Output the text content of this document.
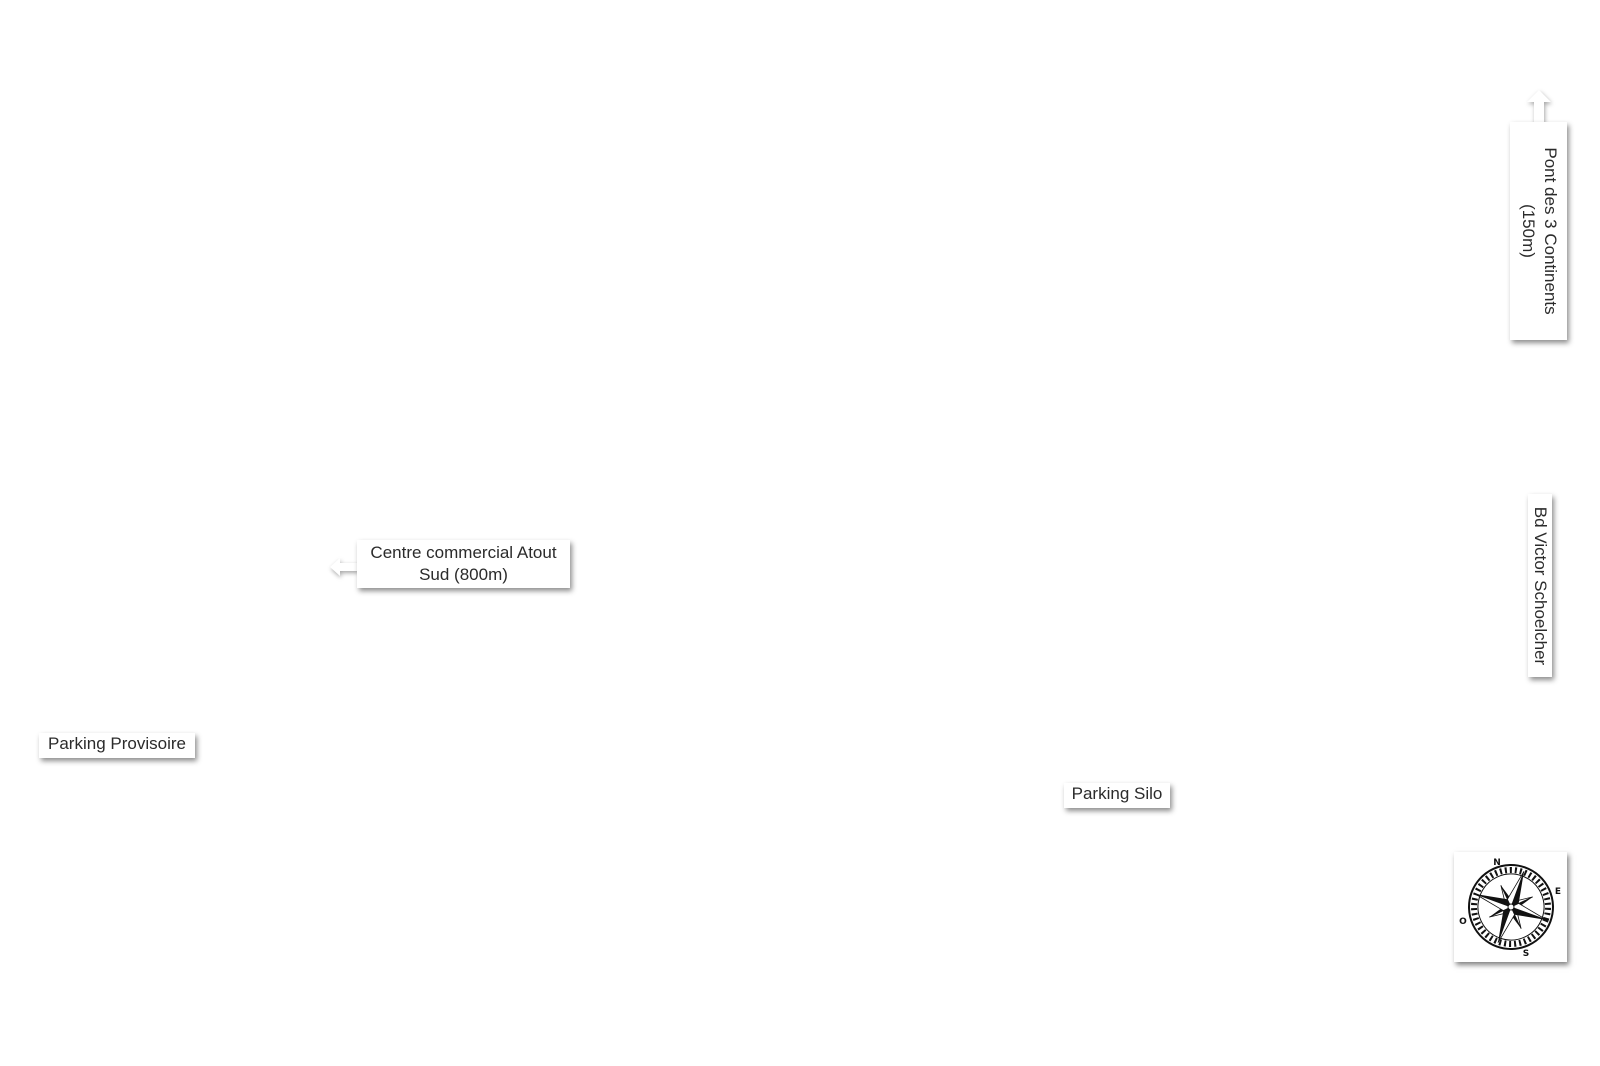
Parking Provisoire
Parking Silo
Centre commercial Atout
Sud (800m)	Bd Victor Schoelcher
Pont des 3 Continents
(150m)
N
E
S
O
